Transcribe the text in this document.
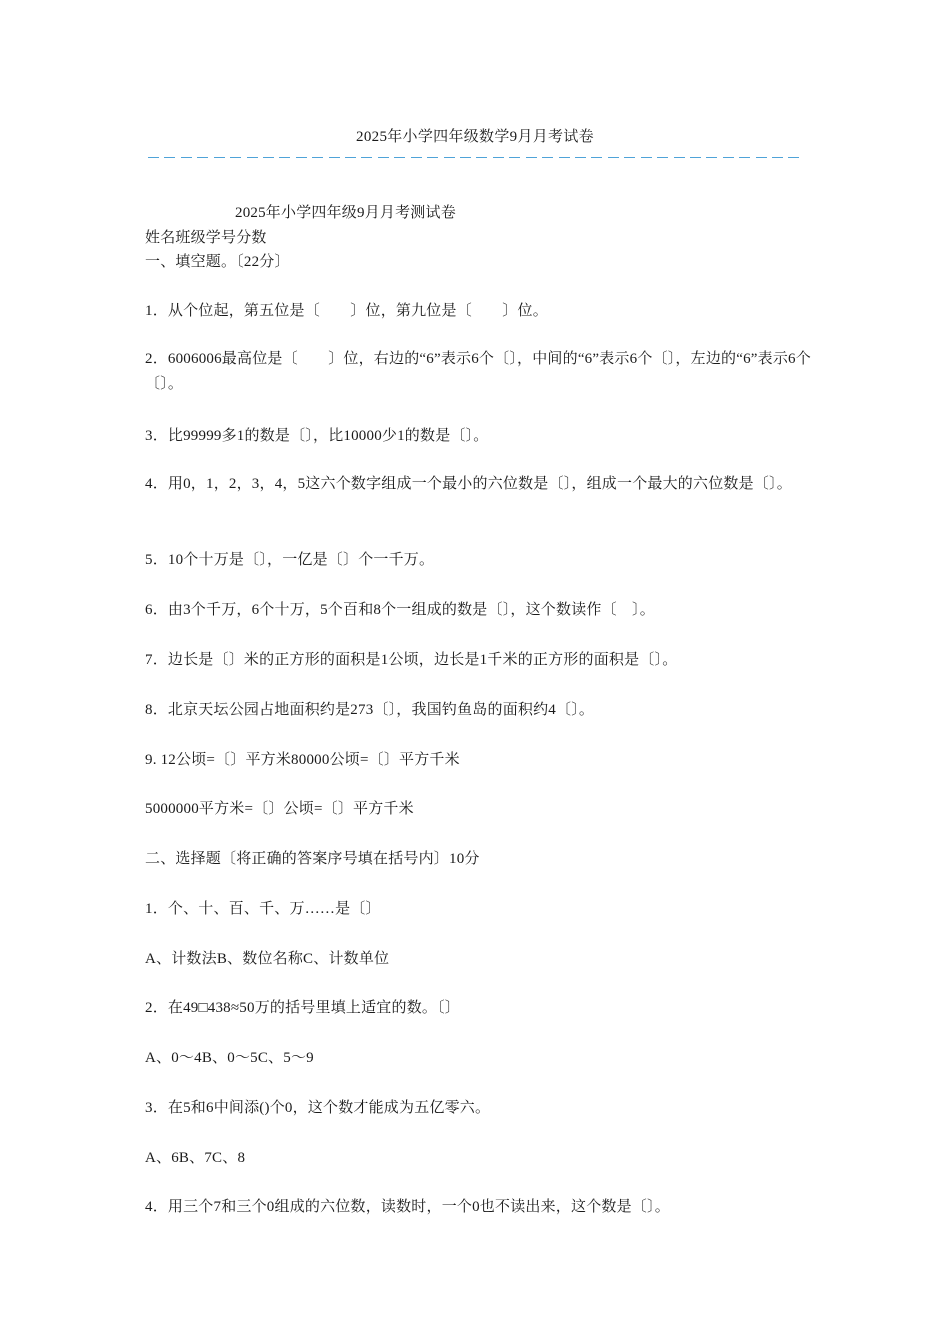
2025年小学四年级数学9月月考试卷
2025年小学四年级9月月考测试卷
姓名班级学号分数
一、填空题。〔22分〕
1．从个位起，第五位是〔　　〕位，第九位是〔　　〕位。
2．6006006最高位是〔　　〕位，右边的“6”表示6个〔〕，中间的“6”表示6个〔〕，左边的“6”表示6个〔〕。
3．比99999多1的数是〔〕，比10000少1的数是〔〕。
4．用0，1，2，3，4，5这六个数字组成一个最小的六位数是〔〕，组成一个最大的六位数是〔〕。
5．10个十万是〔〕，一亿是〔〕个一千万。
6．由3个千万，6个十万，5个百和8个一组成的数是〔〕，这个数读作〔　〕。
7．边长是〔〕米的正方形的面积是1公顷，边长是1千米的正方形的面积是〔〕。
8．北京天坛公园占地面积约是273〔〕，我国钓鱼岛的面积约4〔〕。
9. 12公顷=〔〕平方米80000公顷=〔〕平方千米
5000000平方米=〔〕公顷=〔〕平方千米
二、选择题〔将正确的答案序号填在括号内〕10分
1．个、十、百、千、万……是〔〕
A、计数法B、数位名称C、计数单位
2．在49□438≈50万的括号里填上适宜的数。〔〕
A、0～4B、0～5C、5～9
3．在5和6中间添()个0，这个数才能成为五亿零六。
A、6B、7C、8
4．用三个7和三个0组成的六位数，读数时，一个0也不读出来，这个数是〔〕。
